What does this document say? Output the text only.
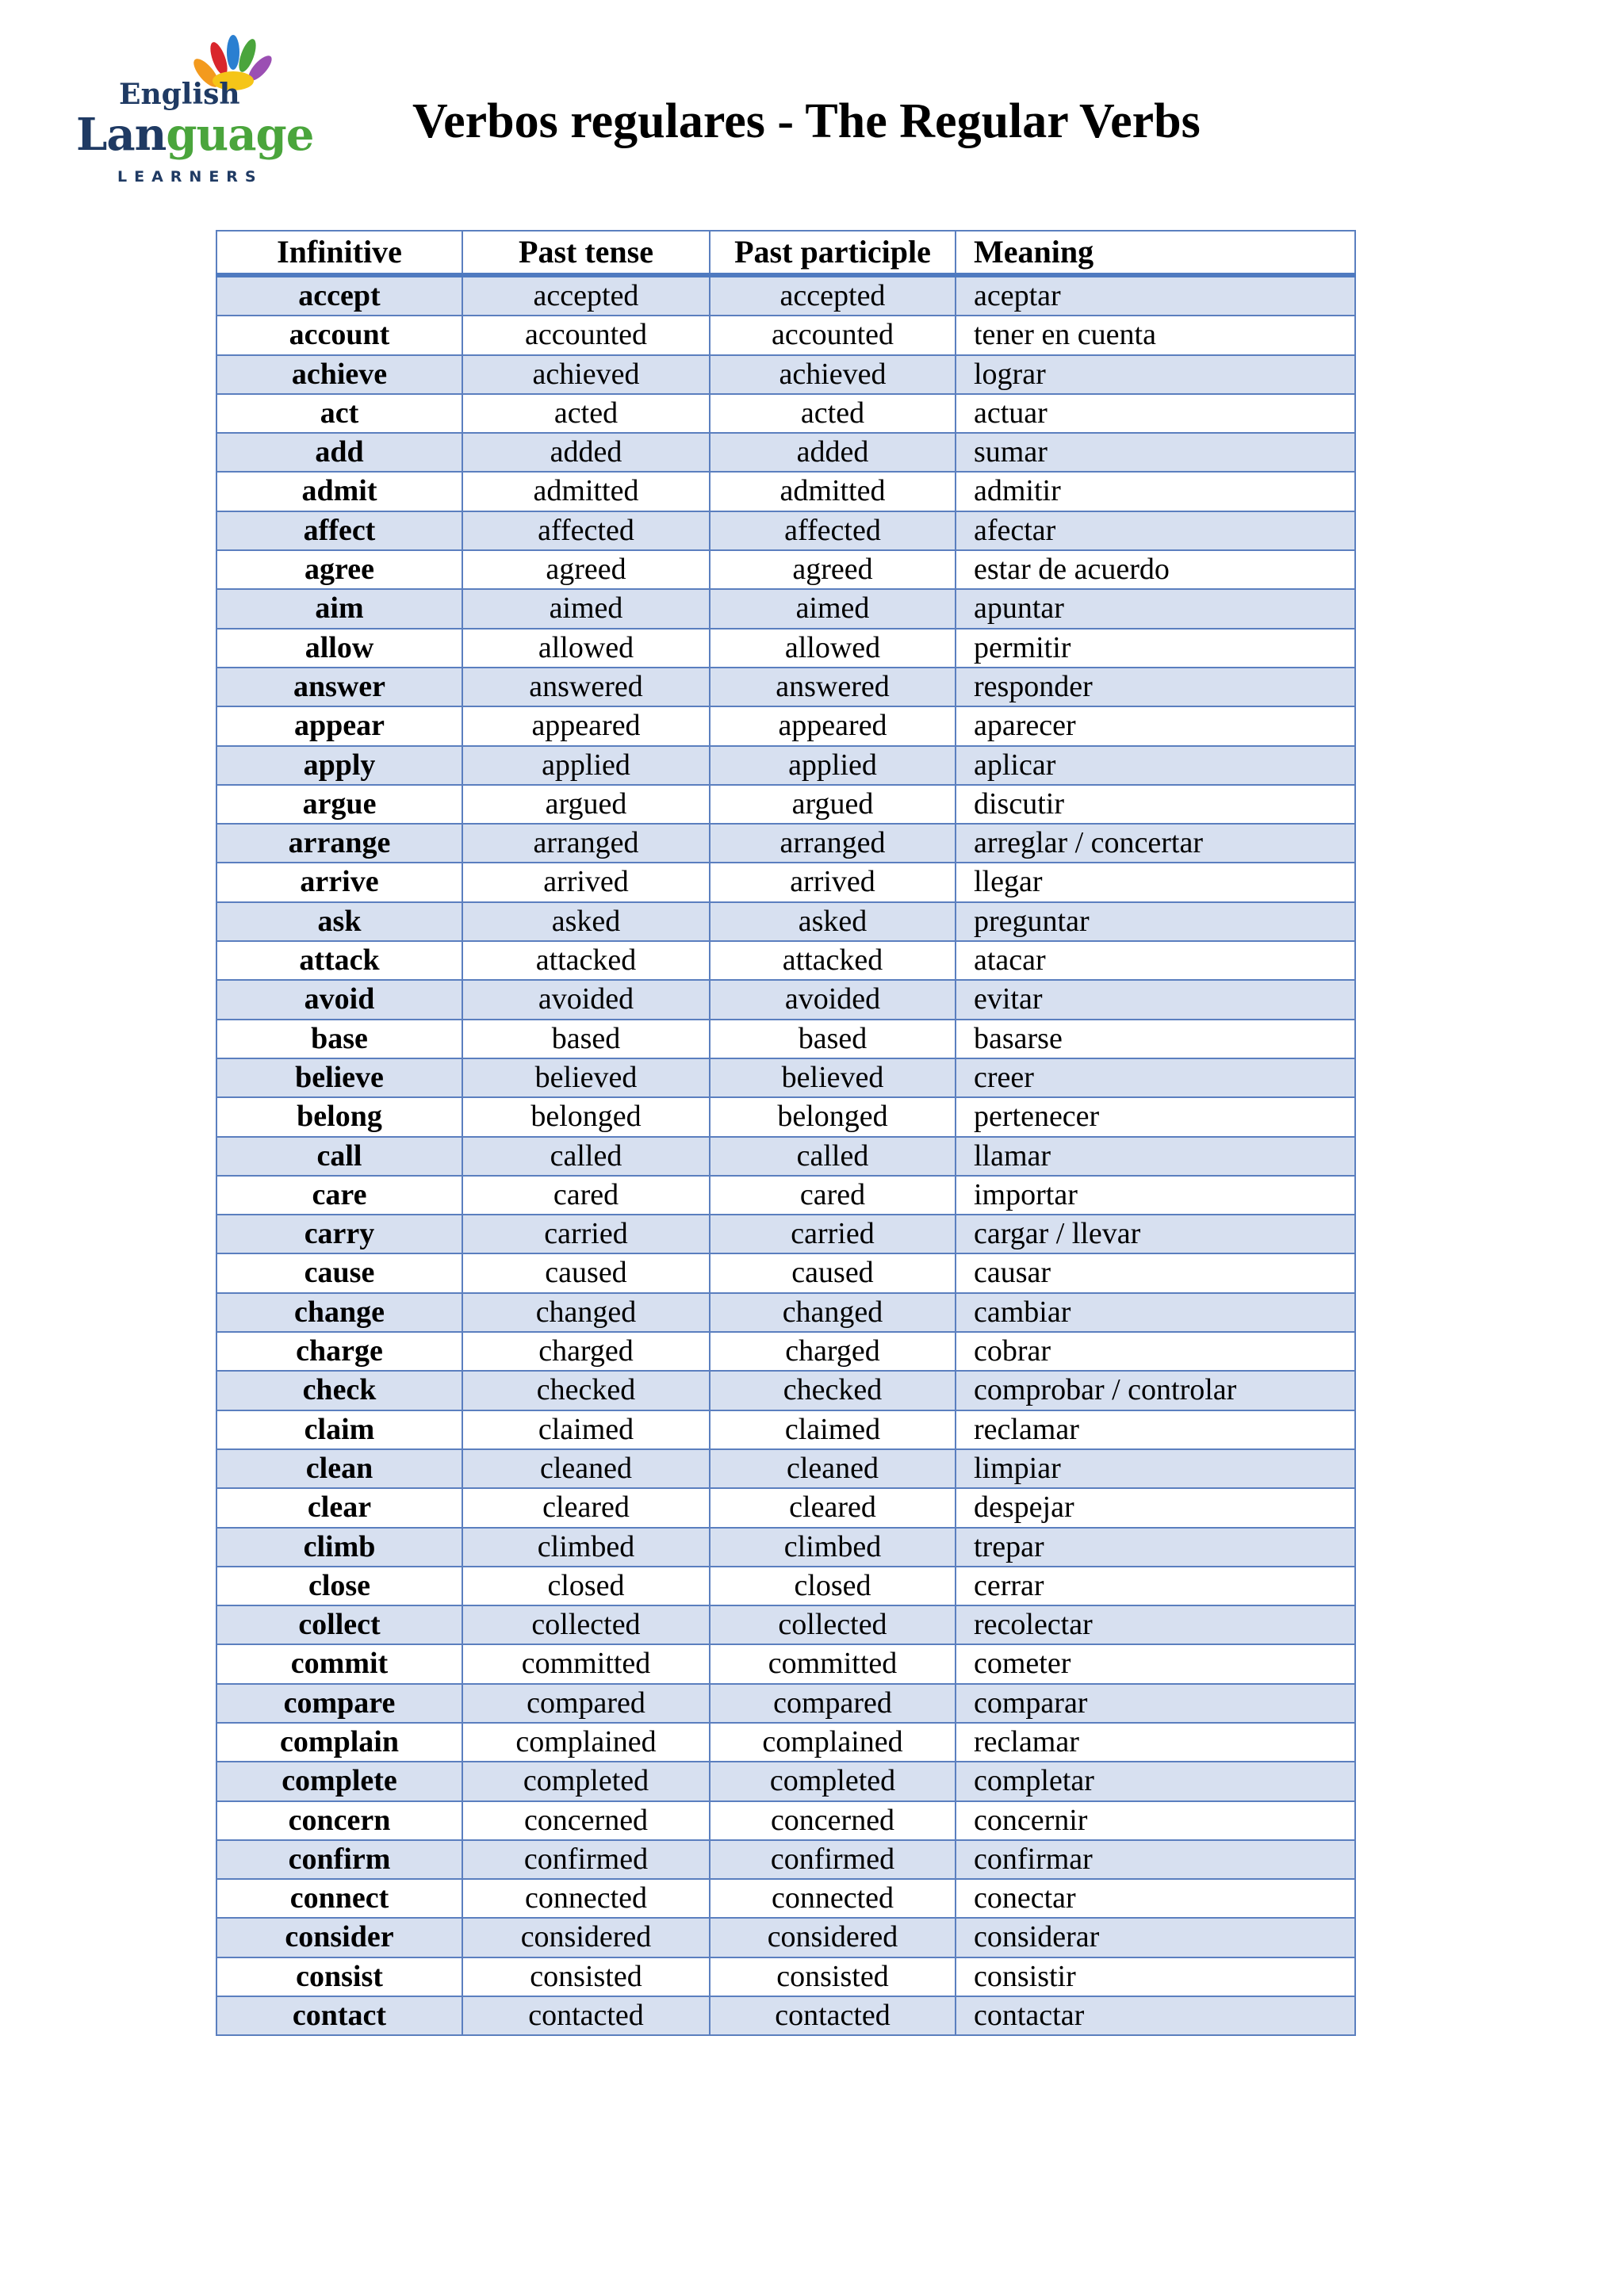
English
Language
LEARNERS
Verbos regulares - The Regular Verbs
Infinitive	Past tense	Past participle	Meaning
accept	accepted	accepted	aceptar
account	accounted	accounted	tener en cuenta
achieve	achieved	achieved	lograr
act	acted	acted	actuar
add	added	added	sumar
admit	admitted	admitted	admitir
affect	affected	affected	afectar
agree	agreed	agreed	estar de acuerdo
aim	aimed	aimed	apuntar
allow	allowed	allowed	permitir
answer	answered	answered	responder
appear	appeared	appeared	aparecer
apply	applied	applied	aplicar
argue	argued	argued	discutir
arrange	arranged	arranged	arreglar / concertar
arrive	arrived	arrived	llegar
ask	asked	asked	preguntar
attack	attacked	attacked	atacar
avoid	avoided	avoided	evitar
base	based	based	basarse
believe	believed	believed	creer
belong	belonged	belonged	pertenecer
call	called	called	llamar
care	cared	cared	importar
carry	carried	carried	cargar / llevar
cause	caused	caused	causar
change	changed	changed	cambiar
charge	charged	charged	cobrar
check	checked	checked	comprobar / controlar
claim	claimed	claimed	reclamar
clean	cleaned	cleaned	limpiar
clear	cleared	cleared	despejar
climb	climbed	climbed	trepar
close	closed	closed	cerrar
collect	collected	collected	recolectar
commit	committed	committed	cometer
compare	compared	compared	comparar
complain	complained	complained	reclamar
complete	completed	completed	completar
concern	concerned	concerned	concernir
confirm	confirmed	confirmed	confirmar
connect	connected	connected	conectar
consider	considered	considered	considerar
consist	consisted	consisted	consistir
contact	contacted	contacted	contactar
